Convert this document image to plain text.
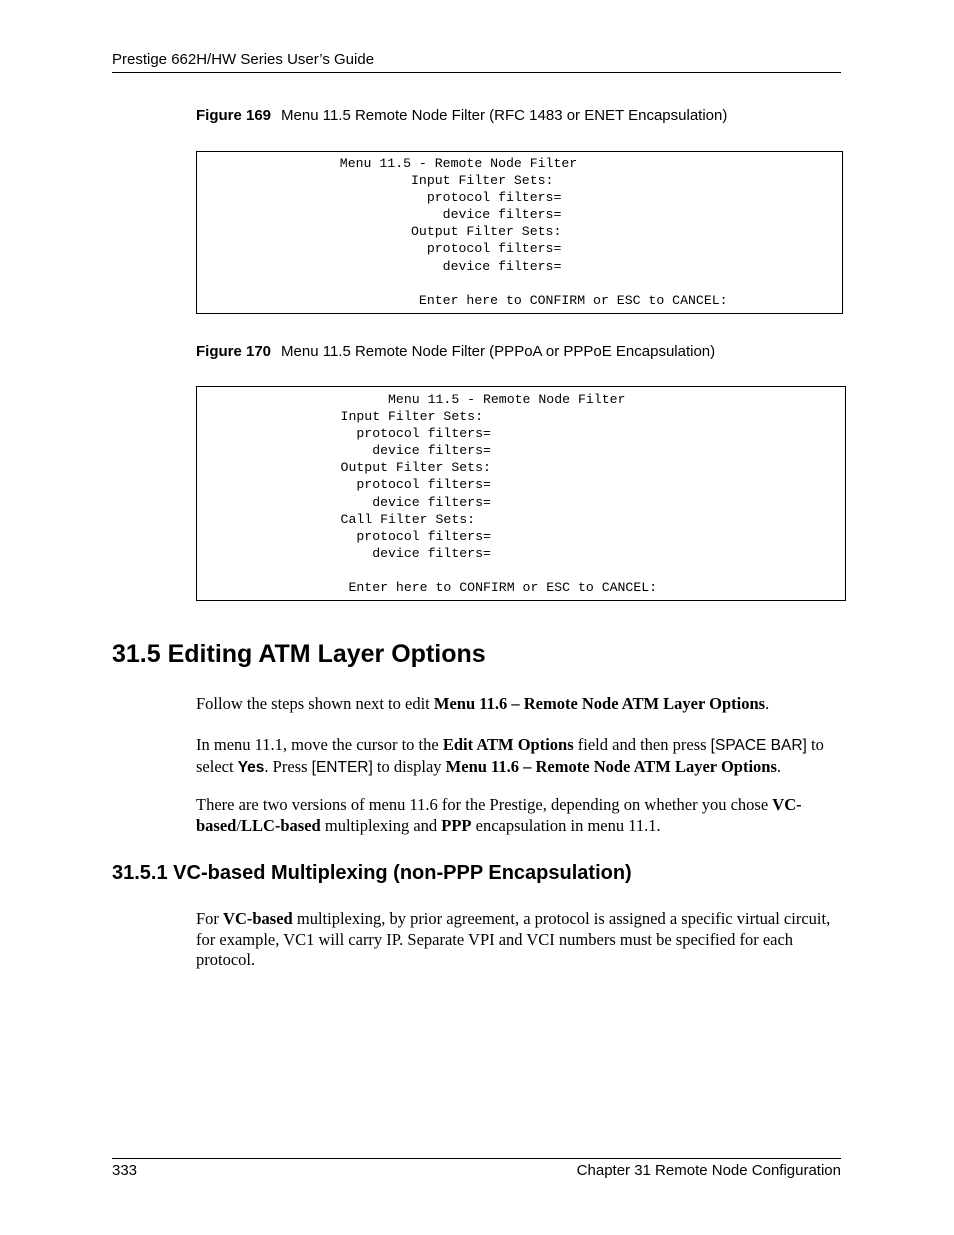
Prestige 662H/HW Series User’s Guide
Figure 169 Menu 11.5 Remote Node Filter (RFC 1483 or ENET Encapsulation)
Menu 11.5 - Remote Node Filter
Input Filter Sets:
protocol filters=
device filters=
Output Filter Sets:
protocol filters=
device filters=

Enter here to CONFIRM or ESC to CANCEL:
Figure 170 Menu 11.5 Remote Node Filter (PPPoA or PPPoE Encapsulation)
Menu 11.5 - Remote Node Filter
Input Filter Sets:
protocol filters=
device filters=
Output Filter Sets:
protocol filters=
device filters=
Call Filter Sets:
protocol filters=
device filters=

Enter here to CONFIRM or ESC to CANCEL:
31.5 Editing ATM Layer Options
Follow the steps shown next to edit Menu 11.6 – Remote Node ATM Layer Options.
In menu 11.1, move the cursor to the Edit ATM Options field and then press [SPACE BAR] to select Yes. Press [ENTER] to display Menu 11.6 – Remote Node ATM Layer Options.
There are two versions of menu 11.6 for the Prestige, depending on whether you chose VC-based/LLC-based multiplexing and PPP encapsulation in menu 11.1.
31.5.1 VC-based Multiplexing (non-PPP Encapsulation)
For VC-based multiplexing, by prior agreement, a protocol is assigned a specific virtual circuit, for example, VC1 will carry IP. Separate VPI and VCI numbers must be specified for each protocol.
333	Chapter 31 Remote Node Configuration
